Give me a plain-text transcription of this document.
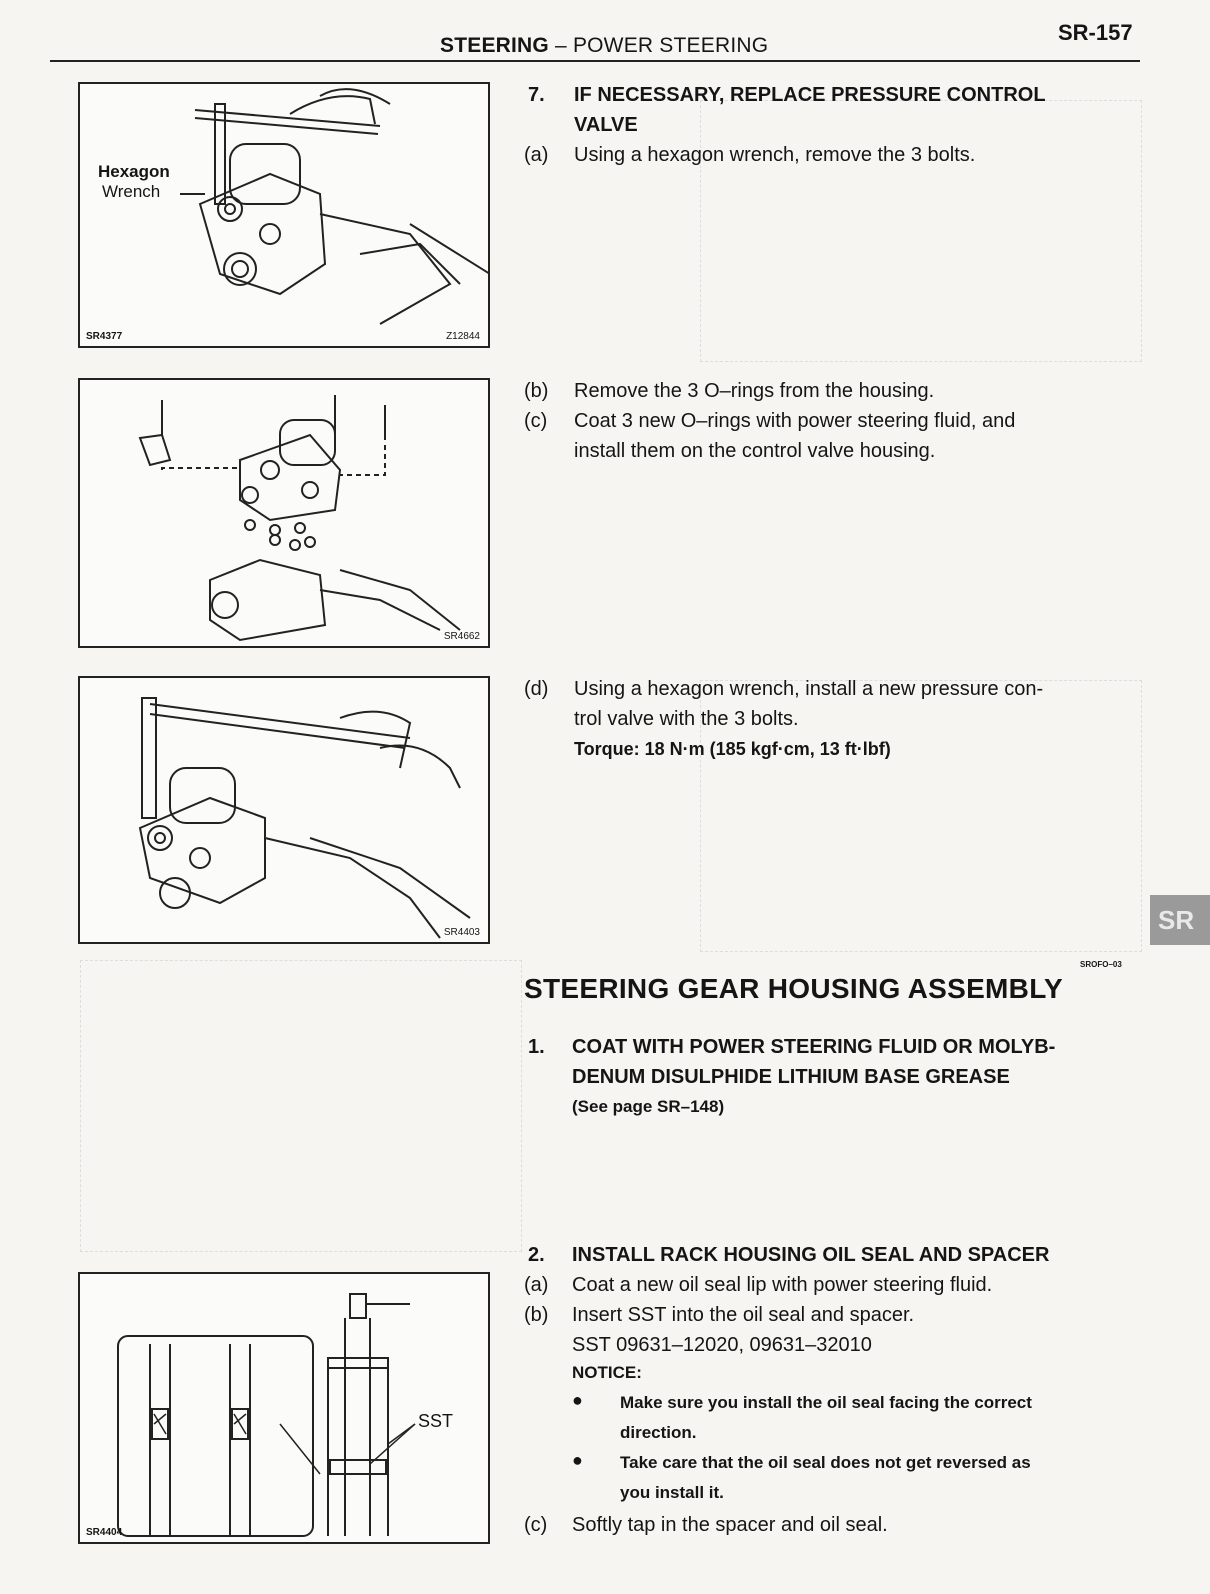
STEERING – POWER STEERING
SR-157
Hexagon
Wrench
SR4377	Z12844
SR4662
SR4403
SST
SR4404
7. IF NECESSARY, REPLACE PRESSURE CONTROL
VALVE
(a) Using a hexagon wrench, remove the 3 bolts.
(b) Remove the 3 O–rings from the housing.
(c) Coat 3 new O–rings with power steering fluid, and
install them on the control valve housing.
(d) Using a hexagon wrench, install a new pressure con-
trol valve with the 3 bolts.
Torque: 18 N·m (185 kgf·cm, 13 ft·lbf)
SR
STEERING GEAR HOUSING ASSEMBLY
SROFO–03
1. COAT WITH POWER STEERING FLUID OR MOLYB-
DENUM DISULPHIDE LITHIUM BASE GREASE
(See page SR–148)
2. INSTALL RACK HOUSING OIL SEAL AND SPACER
(a) Coat a new oil seal lip with power steering fluid.
(b) Insert SST into the oil seal and spacer.
SST 09631–12020, 09631–32010
NOTICE:
● Make sure you install the oil seal facing the correct
direction.
● Take care that the oil seal does not get reversed as
you install it.
(c) Softly tap in the spacer and oil seal.
